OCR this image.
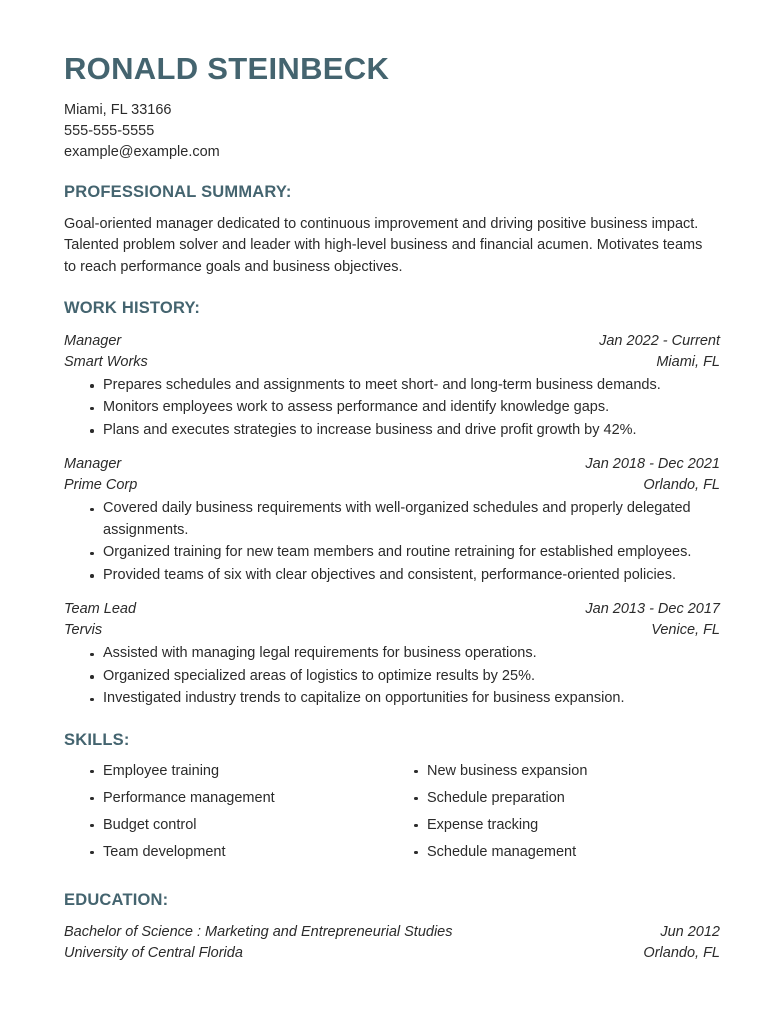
RONALD STEINBECK
Miami, FL 33166
555-555-5555
example@example.com
PROFESSIONAL SUMMARY:
Goal-oriented manager dedicated to continuous improvement and driving positive business impact. Talented problem solver and leader with high-level business and financial acumen. Motivates teams to reach performance goals and business objectives.
WORK HISTORY:
Manager	Jan 2022 - Current
Smart Works	Miami, FL
Prepares schedules and assignments to meet short- and long-term business demands.
Monitors employees work to assess performance and identify knowledge gaps.
Plans and executes strategies to increase business and drive profit growth by 42%.
Manager	Jan 2018 - Dec 2021
Prime Corp	Orlando, FL
Covered daily business requirements with well-organized schedules and properly delegated assignments.
Organized training for new team members and routine retraining for established employees.
Provided teams of six with clear objectives and consistent, performance-oriented policies.
Team Lead	Jan 2013 - Dec 2017
Tervis	Venice, FL
Assisted with managing legal requirements for business operations.
Organized specialized areas of logistics to optimize results by 25%.
Investigated industry trends to capitalize on opportunities for business expansion.
SKILLS:
Employee training
Performance management
Budget control
Team development
New business expansion
Schedule preparation
Expense tracking
Schedule management
EDUCATION:
Bachelor of Science : Marketing and Entrepreneurial Studies	Jun 2012
University of Central Florida	Orlando, FL
